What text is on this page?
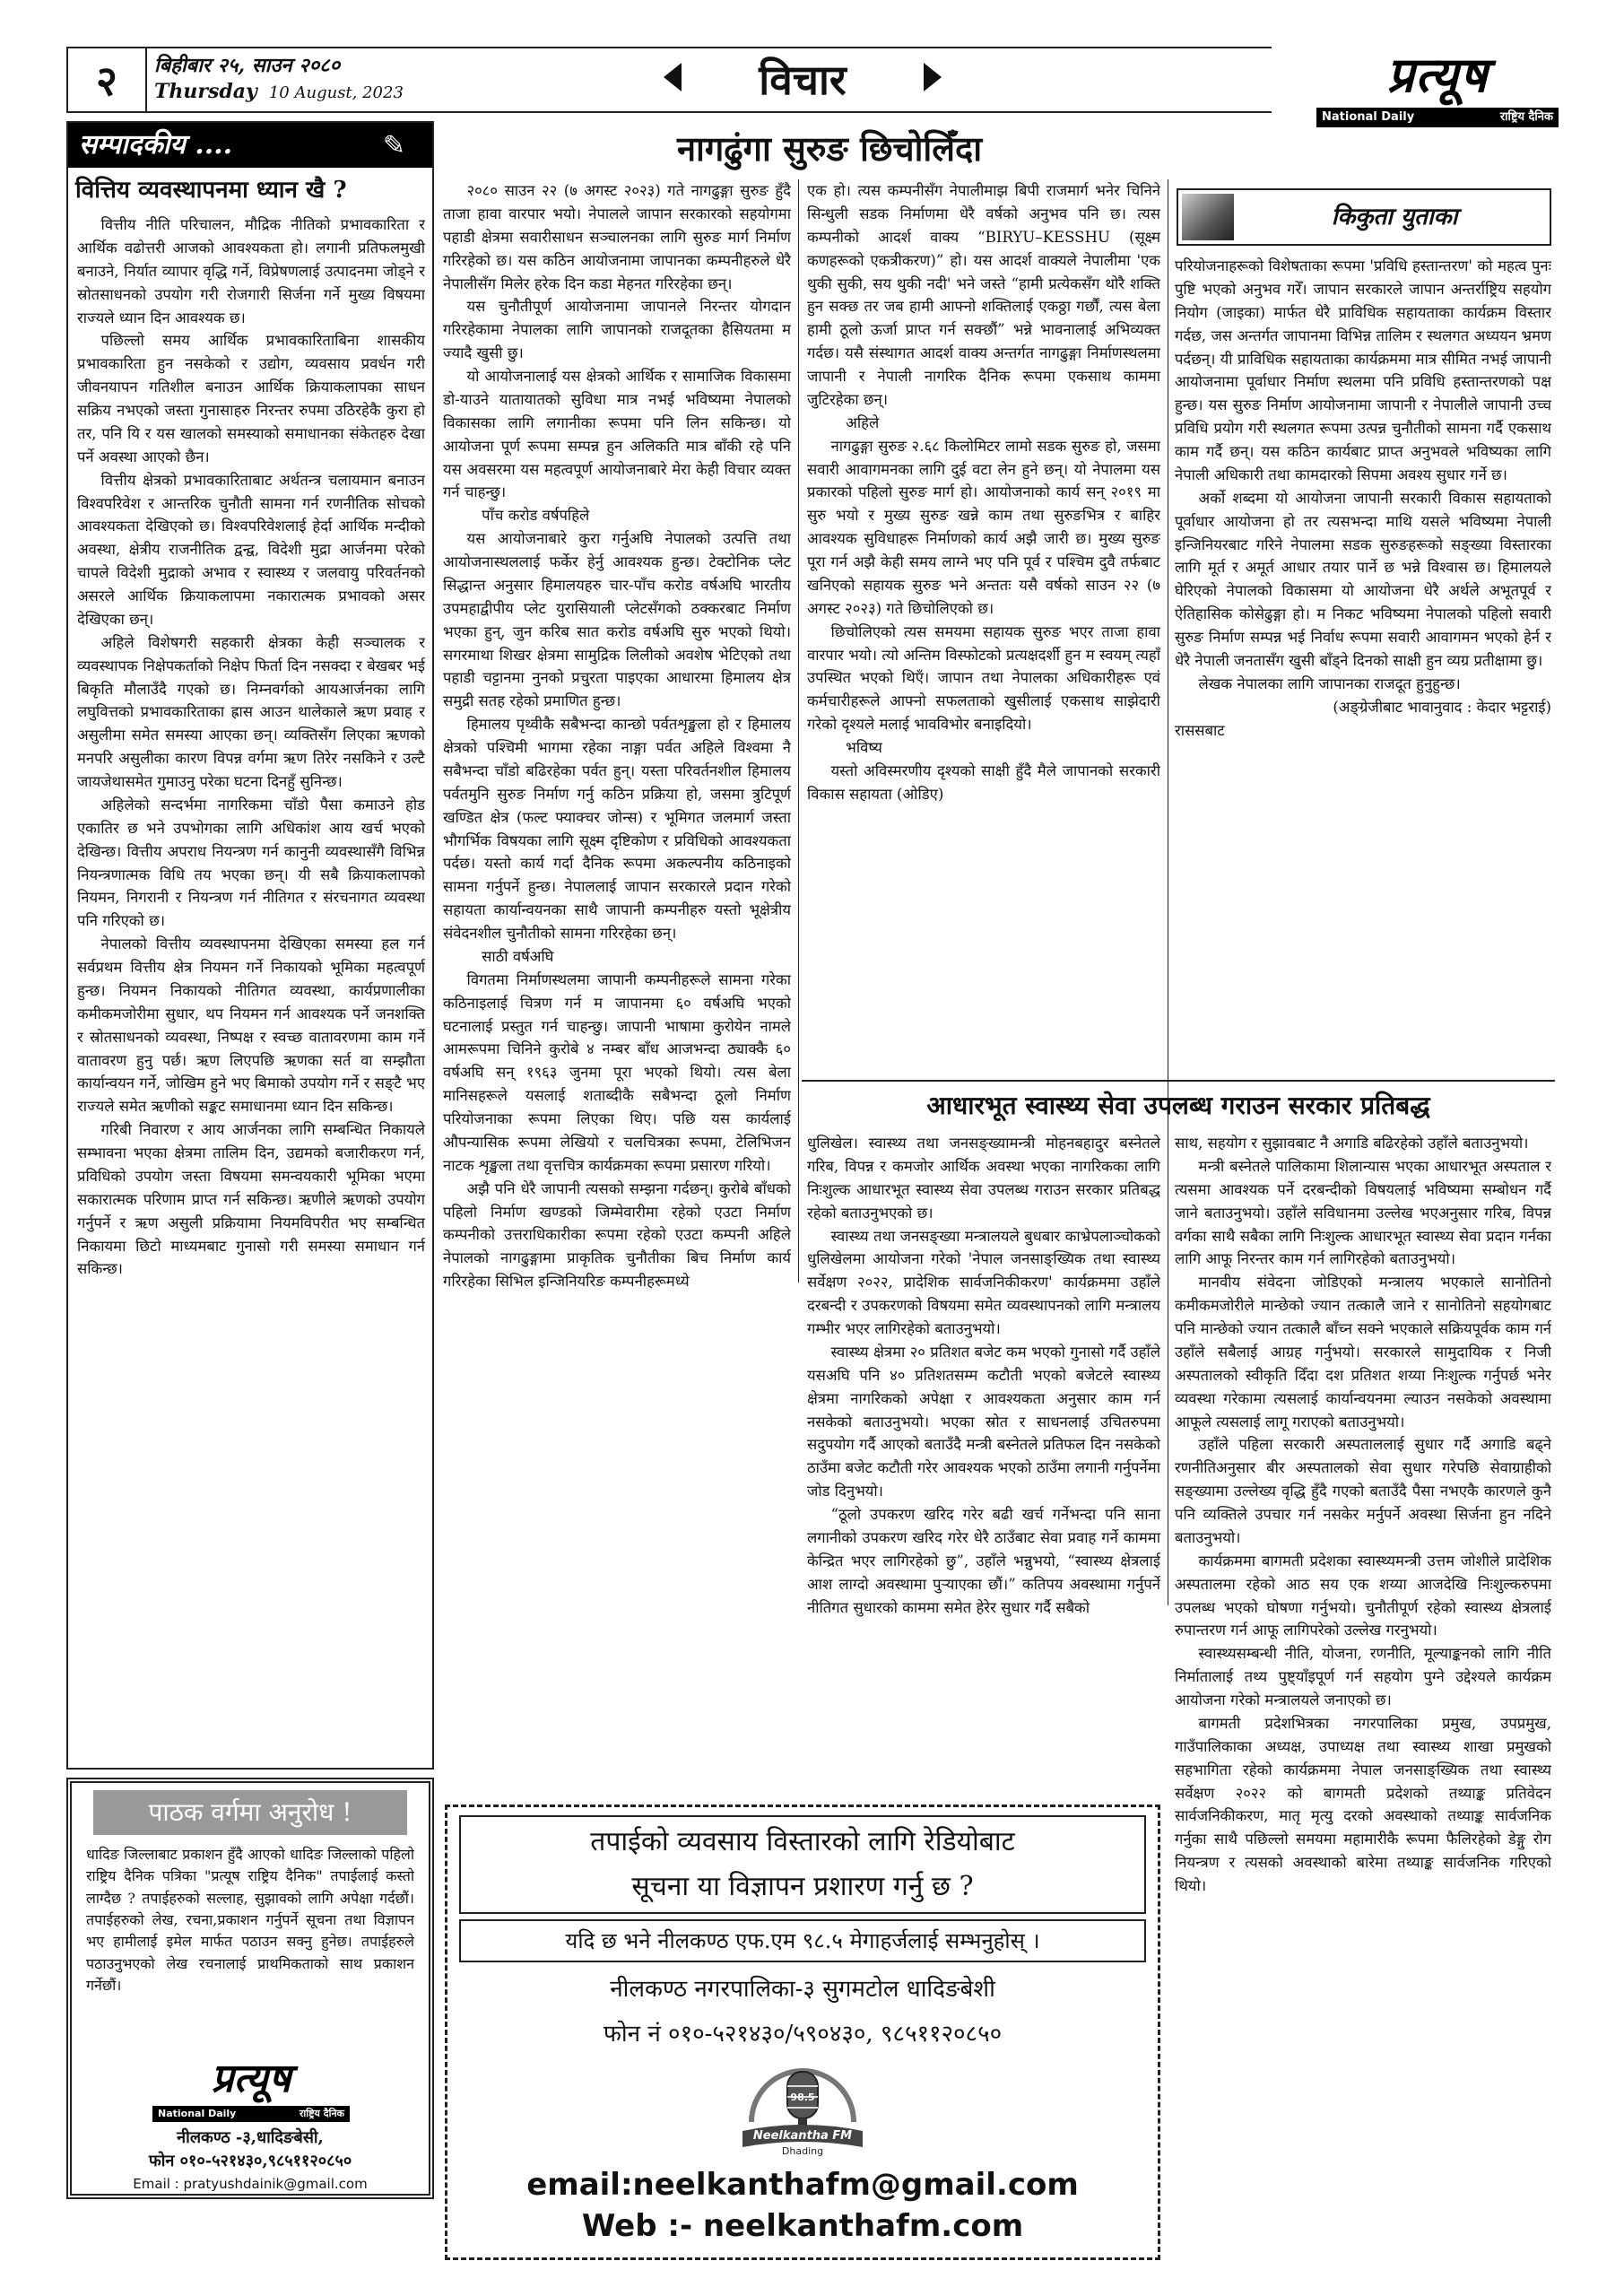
२ बिहीबार २५, साउन २०८०
Thursday 10 August, 2023	विचार	प्रत्यूष
National Daily	राष्ट्रिय दैनिक
सम्पादकीय ....	✎
वित्तिय व्यवस्थापनमा ध्यान खै ?

वित्तीय नीति परिचालन, मौद्रिक नीतिको प्रभावकारिता र आर्थिक वढोत्तरी आजको आवश्यकता हो। लगानी प्रतिफलमुखी बनाउने, निर्यात व्यापार वृद्धि गर्ने, विप्रेषणलाई उत्पादनमा जोड्ने र स्रोतसाधनको उपयोग गरी रोजगारी सिर्जना गर्ने मुख्य विषयमा राज्यले ध्यान दिन आवश्यक छ।

पछिल्लो समय आर्थिक प्रभावकारिताबिना शासकीय प्रभावकारिता हुन नसकेको र उद्योग, व्यवसाय प्रवर्धन गरी जीवनयापन गतिशील बनाउन आर्थिक क्रियाकलापका साधन सक्रिय नभएको जस्ता गुनासाहरु निरन्तर रुपमा उठिरहेकै कुरा हो तर, पनि यि र यस खालको समस्याको समाधानका संकेतहरु देखा पर्ने अवस्था आएको छैन।

वित्तीय क्षेत्रको प्रभावकारिताबाट अर्थतन्त्र चलायमान बनाउन विश्वपरिवेश र आन्तरिक चुनौती सामना गर्न रणनीतिक सोचको आवश्यकता देखिएको छ। विश्वपरिवेशलाई हेर्दा आर्थिक मन्दीको अवस्था, क्षेत्रीय राजनीतिक द्वन्द्व, विदेशी मुद्रा आर्जनमा परेको चापले विदेशी मुद्राको अभाव र स्वास्थ्य र जलवायु परिवर्तनको असरले आर्थिक क्रियाकलापमा नकारात्मक प्रभावको असर देखिएका छन्।

अहिले विशेषगरी सहकारी क्षेत्रका केही सञ्चालक र व्यवस्थापक निक्षेपकर्ताको निक्षेप फिर्ता दिन नसक्दा र बेखबर भई बिकृति मौलाउँदै गएको छ। निम्नवर्गको आयआर्जनका लागि लघुवित्तको प्रभावकारिताका ह्रास आउन थालेकाले ऋण प्रवाह र असुलीमा समेत समस्या आएका छन्। व्यक्तिसँग लिएका ऋणको मनपरि असुलीका कारण विपन्न वर्गमा ऋण तिरेर नसकिने र उल्टै जायजेथासमेत गुमाउनु परेका घटना दिनहुँ सुनिन्छ।

अहिलेको सन्दर्भमा नागरिकमा चाँडो पैसा कमाउने होड एकातिर छ भने उपभोगका लागि अधिकांश आय खर्च भएको देखिन्छ। वित्तीय अपराध नियन्त्रण गर्न कानुनी व्यवस्थासँगै विभिन्न नियन्त्रणात्मक विधि तय भएका छन्। यी सबै क्रियाकलापको नियमन, निगरानी र नियन्त्रण गर्न नीतिगत र संरचनागत व्यवस्था पनि गरिएको छ।

नेपालको वित्तीय व्यवस्थापनमा देखिएका समस्या हल गर्न सर्वप्रथम वित्तीय क्षेत्र नियमन गर्ने निकायको भूमिका महत्वपूर्ण हुन्छ। नियमन निकायको नीतिगत व्यवस्था, कार्यप्रणालीका कमीकमजोरीमा सुधार, थप नियमन गर्न आवश्यक पर्ने जनशक्ति र स्रोतसाधनको व्यवस्था, निष्पक्ष र स्वच्छ वातावरणमा काम गर्ने वातावरण हुनु पर्छ। ऋण लिएपछि ऋणका सर्त वा सम्झौता कार्यान्वयन गर्ने, जोखिम हुने भए बिमाको उपयोग गर्ने र सङ्टै भए राज्यले समेत ऋणीको सङ्कट समाधानमा ध्यान दिन सकिन्छ।

गरिबी निवारण र आय आर्जनका लागि सम्बन्धित निकायले सम्भावना भएका क्षेत्रमा तालिम दिन, उद्यमको बजारीकरण गर्न, प्रविधिको उपयोग जस्ता विषयमा समन्वयकारी भूमिका भएमा सकारात्मक परिणाम प्राप्त गर्न सकिन्छ। ऋणीले ऋणको उपयोग गर्नुपर्ने र ऋण असुली प्रक्रियामा नियमविपरीत भए सम्बन्धित निकायमा छिटो माध्यमबाट गुनासो गरी समस्या समाधान गर्न सकिन्छ।

पाठक वर्गमा अनुरोध !
धादिङ जिल्लाबाट प्रकाशन हुँदै आएको धादिङ जिल्लाको पहिलो राष्ट्रिय दैनिक पत्रिका "प्रत्यूष राष्ट्रिय दैनिक" तपाईलाई कस्तो लाग्दैछ ? तपाईहरुको सल्लाह, सुझावको लागि अपेक्षा गर्दछौं। तपाईहरुको लेख, रचना,प्रकाशन गर्नुपर्ने सूचना तथा विज्ञापन भए हामीलाई इमेल मार्फत पठाउन सक्नु हुनेछ। तपाईहरुले पठाउनुभएको लेख रचनालाई प्राथमिकताको साथ प्रकाशन गर्नेछौं।
प्रत्यूष
National Daily	राष्ट्रिय दैनिक
नीलकण्ठ -३,धादिङबेसी,
फोन ०१०-५२१४३०,९८५११२०८५०
Email : pratyushdainik@gmail.com
नागढुंगा सुरुङ छिचोलिँदा

२०८० साउन २२ (७ अगस्ट २०२३) गते नागढुङ्गा सुरुङ हुँदै ताजा हावा वारपार भयो। नेपालले जापान सरकारको सहयोगमा पहाडी क्षेत्रमा सवारीसाधन सञ्चालनका लागि सुरुङ मार्ग निर्माण गरिरहेको छ। यस कठिन आयोजनामा जापानका कम्पनीहरुले धेरै नेपालीसँग मिलेर हरेक दिन कडा मेहनत गरिरहेका छन्।

यस चुनौतीपूर्ण आयोजनामा जापानले निरन्तर योगदान गरिरहेकामा नेपालका लागि जापानको राजदूतका हैसियतमा म ज्यादै खुसी छु।

यो आयोजनालाई यस क्षेत्रको आर्थिक र सामाजिक विकासमा डो-याउने यातायातको सुविधा मात्र नभई भविष्यमा नेपालको विकासका लागि लगानीका रूपमा पनि लिन सकिन्छ। यो आयोजना पूर्ण रूपमा सम्पन्न हुन अलिकति मात्र बाँकी रहे पनि यस अवसरमा यस महत्वपूर्ण आयोजनाबारे मेरा केही विचार व्यक्त गर्न चाहन्छु।

पाँच करोड वर्षपहिले

यस आयोजनाबारे कुरा गर्नुअघि नेपालको उत्पत्ति तथा आयोजनास्थललाई फर्केर हेर्नु आवश्यक हुन्छ। टेक्टोनिक प्लेट सिद्धान्त अनुसार हिमालयहरु चार-पाँच करोड वर्षअघि भारतीय उपमहाद्वीपीय प्लेट युरासियाली प्लेटसँगको ठक्करबाट निर्माण भएका हुन्, जुन करिब सात करोड वर्षअघि सुरु भएको थियो। सगरमाथा शिखर क्षेत्रमा सामुद्रिक लिलीको अवशेष भेटिएको तथा पहाडी चट्टानमा नुनको प्रचुरता पाइएका आधारमा हिमालय क्षेत्र समुद्री सतह रहेको प्रमाणित हुन्छ।

हिमालय पृथ्वीकै सबैभन्दा कान्छो पर्वतशृङ्खला हो र हिमालय क्षेत्रको पश्चिमी भागमा रहेका नाङ्गा पर्वत अहिले विश्वमा नै सबैभन्दा चाँडो बढिरहेका पर्वत हुन्। यस्ता परिवर्तनशील हिमालय पर्वतमुनि सुरुङ निर्माण गर्नु कठिन प्रक्रिया हो, जसमा त्रुटिपूर्ण खण्डित क्षेत्र (फल्ट फ्याक्चर जोन्स) र भूमिगत जलमार्ग जस्ता भौगर्भिक विषयका लागि सूक्ष्म दृष्टिकोण र प्रविधिको आवश्यकता पर्दछ। यस्तो कार्य गर्दा दैनिक रूपमा अकल्पनीय कठिनाइको सामना गर्नुपर्ने हुन्छ। नेपाललाई जापान सरकारले प्रदान गरेको सहायता कार्यान्वयनका साथै जापानी कम्पनीहरु यस्तो भूक्षेत्रीय संवेदनशील चुनौतीको सामना गरिरहेका छन्।

साठी वर्षअघि

विगतमा निर्माणस्थलमा जापानी कम्पनीहरूले सामना गरेका कठिनाइलाई चित्रण गर्न म जापानमा ६० वर्षअघि भएको घटनालाई प्रस्तुत गर्न चाहन्छु। जापानी भाषामा कुरोयेन नामले आमरूपमा चिनिने कुरोबे ४ नम्बर बाँध आजभन्दा ठ्याक्कै ६० वर्षअघि सन् १९६३ जुनमा पूरा भएको थियो। त्यस बेला मानिसहरूले यसलाई शताब्दीकै सबैभन्दा ठूलो निर्माण परियोजनाका रूपमा लिएका थिए। पछि यस कार्यलाई औपन्यासिक रूपमा लेखियो र चलचित्रका रूपमा, टेलिभिजन नाटक शृङ्खला तथा वृत्तचित्र कार्यक्रमका रूपमा प्रसारण गरियो।

अझै पनि धेरै जापानी त्यसको सम्झना गर्दछन्। कुरोबे बाँधको पहिलो निर्माण खण्डको जिम्मेवारीमा रहेको एउटा निर्माण कम्पनीको उत्तराधिकारीका रूपमा रहेको एउटा कम्पनी अहिले नेपालको नागढुङ्गामा प्राकृतिक चुनौतीका बिच निर्माण कार्य गरिरहेका सिभिल इन्जिनियरिङ कम्पनीहरूमध्ये

एक हो। त्यस कम्पनीसँग नेपालीमाझ बिपी राजमार्ग भनेर चिनिने सिन्धुली सडक निर्माणमा धेरै वर्षको अनुभव पनि छ। त्यस कम्पनीको आदर्श वाक्य “BIRYU–KESSHU (सूक्ष्म कणहरूको एकत्रीकरण)” हो। यस आदर्श वाक्यले नेपालीमा 'एक थुकी सुकी, सय थुकी नदी' भने जस्ते “हामी प्रत्येकसँग थोरै शक्ति हुन सक्छ तर जब हामी आफ्नो शक्तिलाई एकठ्ठा गर्छौं, त्यस बेला हामी ठूलो ऊर्जा प्राप्त गर्न सक्छौं” भन्ने भावनालाई अभिव्यक्त गर्दछ। यसै संस्थागत आदर्श वाक्य अन्तर्गत नागढुङ्गा निर्माणस्थलमा जापानी र नेपाली नागरिक दैनिक रूपमा एकसाथ काममा जुटिरहेका छन्।

अहिले

नागढुङ्गा सुरुङ २.६८ किलोमिटर लामो सडक सुरुङ हो, जसमा सवारी आवागमनका लागि दुई वटा लेन हुने छन्। यो नेपालमा यस प्रकारको पहिलो सुरुङ मार्ग हो। आयोजनाको कार्य सन् २०१९ मा सुरु भयो र मुख्य सुरुङ खन्ने काम तथा सुरुङभित्र र बाहिर आवश्यक सुविधाहरू निर्माणको कार्य अझै जारी छ। मुख्य सुरुङ पूरा गर्न अझै केही समय लाग्ने भए पनि पूर्व र पश्चिम दुवै तर्फबाट खनिएको सहायक सुरुङ भने अन्ततः यसै वर्षको साउन २२ (७ अगस्ट २०२३) गते छिचोलिएको छ।

छिचोलिएको त्यस समयमा सहायक सुरुङ भएर ताजा हावा वारपार भयो। त्यो अन्तिम विस्फोटको प्रत्यक्षदर्शी हुन म स्वयम् त्यहाँ उपस्थित भएको थिएँ। जापान तथा नेपालका अधिकारीहरू एवं कर्मचारीहरूले आफ्नो सफलताको खुसीलाई एकसाथ साझेदारी गरेको दृश्यले मलाई भावविभोर बनाइदियो।

भविष्य

यस्तो अविस्मरणीय दृश्यको साक्षी हुँदै मैले जापानको सरकारी विकास सहायता (ओडिए)

किकुता युताका

परियोजनाहरूको विशेषताका रूपमा 'प्रविधि हस्तान्तरण' को महत्व पुनः पुष्टि भएको अनुभव गरेँ। जापान सरकारले जापान अन्तर्राष्ट्रिय सहयोग नियोग (जाइका) मार्फत धेरै प्राविधिक सहायताका कार्यक्रम विस्तार गर्दछ, जस अन्तर्गत जापानमा विभिन्न तालिम र स्थलगत अध्ययन भ्रमण पर्दछन्। यी प्राविधिक सहायताका कार्यक्रममा मात्र सीमित नभई जापानी आयोजनामा पूर्वाधार निर्माण स्थलमा पनि प्रविधि हस्तान्तरणको पक्ष हुन्छ। यस सुरुङ निर्माण आयोजनामा जापानी र नेपालीले जापानी उच्च प्रविधि प्रयोग गरी स्थलगत रूपमा उत्पन्न चुनौतीको सामना गर्दै एकसाथ काम गर्दै छन्। यस कठिन कार्यबाट प्राप्त अनुभवले भविष्यका लागि नेपाली अधिकारी तथा कामदारको सिपमा अवश्य सुधार गर्ने छ।

अर्को शब्दमा यो आयोजना जापानी सरकारी विकास सहायताको पूर्वाधार आयोजना हो तर त्यसभन्दा माथि यसले भविष्यमा नेपाली इन्जिनियरबाट गरिने नेपालमा सडक सुरुङहरूको सङ्ख्या विस्तारका लागि मूर्त र अमूर्त आधार तयार पार्ने छ भन्ने विश्वास छ। हिमालयले घेरिएको नेपालको विकासमा यो आयोजना धेरै अर्थले अभूतपूर्व र ऐतिहासिक कोसेढुङ्गा हो। म निकट भविष्यमा नेपालको पहिलो सवारी सुरुङ निर्माण सम्पन्न भई निर्वाध रूपमा सवारी आवागमन भएको हेर्न र धेरै नेपाली जनतासँग खुसी बाँड्ने दिनको साक्षी हुन व्यग्र प्रतीक्षामा छु।

लेखक नेपालका लागि जापानका राजदूत हुनुहुन्छ।

(अङ्ग्रेजीबाट भावानुवाद : केदार भट्टराई)

राससबाट

आधारभूत स्वास्थ्य सेवा उपलब्ध गराउन सरकार प्रतिबद्ध

धुलिखेल। स्वास्थ्य तथा जनसङ्ख्यामन्त्री मोहनबहादुर बस्नेतले गरिब, विपन्न र कमजोर आर्थिक अवस्था भएका नागरिकका लागि निःशुल्क आधारभूत स्वास्थ्य सेवा उपलब्ध गराउन सरकार प्रतिबद्ध रहेको बताउनुभएको छ।

स्वास्थ्य तथा जनसङ्ख्या मन्त्रालयले बुधबार काभ्रेपलाञ्चोकको धुलिखेलमा आयोजना गरेको 'नेपाल जनसाङ्ख्यिक तथा स्वास्थ्य सर्वेक्षण २०२२, प्रादेशिक सार्वजनिकीकरण' कार्यक्रममा उहाँले दरबन्दी र उपकरणको विषयमा समेत व्यवस्थापनको लागि मन्त्रालय गम्भीर भएर लागिरहेको बताउनुभयो।

स्वास्थ्य क्षेत्रमा २० प्रतिशत बजेट कम भएको गुनासो गर्दै उहाँले यसअघि पनि ४० प्रतिशतसम्म कटौती भएको बजेटले स्वास्थ्य क्षेत्रमा नागरिकको अपेक्षा र आवश्यकता अनुसार काम गर्न नसकेको बताउनुभयो। भएका स्रोत र साधनलाई उचितरुपमा सदुपयोग गर्दै आएको बताउँदै मन्त्री बस्नेतले प्रतिफल दिन नसकेको ठाउँमा बजेट कटौती गरेर आवश्यक भएको ठाउँमा लगानी गर्नुपर्नेमा जोड दिनुभयो।

“ठूलो उपकरण खरिद गरेर बढी खर्च गर्नेभन्दा पनि साना लगानीको उपकरण खरिद गरेर धेरै ठाउँबाट सेवा प्रवाह गर्ने काममा केन्द्रित भएर लागिरहेको छु”, उहाँले भन्नुभयो, “स्वास्थ्य क्षेत्रलाई आश लाग्दो अवस्थामा पुऱ्याएका छौं।” कतिपय अवस्थामा गर्नुपर्ने नीतिगत सुधारको काममा समेत हेरेर सुधार गर्दै सबैको

साथ, सहयोग र सुझावबाट नै अगाडि बढिरहेको उहाँले बताउनुभयो।

मन्त्री बस्नेतले पालिकामा शिलान्यास भएका आधारभूत अस्पताल र त्यसमा आवश्यक पर्ने दरबन्दीको विषयलाई भविष्यमा सम्बोधन गर्दै जाने बताउनुभयो। उहाँले सविधानमा उल्लेख भएअनुसार गरिब, विपन्न वर्गका साथै सबैका लागि निःशुल्क आधारभूत स्वास्थ्य सेवा प्रदान गर्नका लागि आफू निरन्तर काम गर्न लागिरहेको बताउनुभयो।

मानवीय संवेदना जोडिएको मन्त्रालय भएकाले सानोतिनो कमीकमजोरीले मान्छेको ज्यान तत्कालै जाने र सानोतिनो सहयोगबाट पनि मान्छेको ज्यान तत्कालै बाँच्न सक्ने भएकाले सक्रियपूर्वक काम गर्न उहाँले सबैलाई आग्रह गर्नुभयो। सरकारले सामुदायिक र निजी अस्पतालको स्वीकृति दिँदा दश प्रतिशत शय्या निःशुल्क गर्नुपर्छ भनेर व्यवस्था गरेकामा त्यसलाई कार्यान्वयनमा ल्याउन नसकेको अवस्थामा आफूले त्यसलाई लागू गराएको बताउनुभयो।

उहाँले पहिला सरकारी अस्पताललाई सुधार गर्दै अगाडि बढ्ने रणनीतिअनुसार बीर अस्पतालको सेवा सुधार गरेपछि सेवाग्राहीको सङ्ख्यामा उल्लेख्य वृद्धि हुँदै गएको बताउँदै पैसा नभएकै कारणले कुनै पनि व्यक्तिले उपचार गर्न नसकेर मर्नुपर्ने अवस्था सिर्जना हुन नदिने बताउनुभयो।

कार्यक्रममा बागमती प्रदेशका स्वास्थ्यमन्त्री उत्तम जोशीले प्रादेशिक अस्पतालमा रहेको आठ सय एक शय्या आजदेखि निःशुल्करुपमा उपलब्ध भएको घोषणा गर्नुभयो। चुनौतीपूर्ण रहेको स्वास्थ्य क्षेत्रलाई रुपान्तरण गर्न आफू लागिपरेको उल्लेख गरनुभयो।

स्वास्थ्यसम्बन्धी नीति, योजना, रणनीति, मूल्याङ्कनको लागि नीति निर्मातालाई तथ्य पुष्ट्याँइपूर्ण गर्न सहयोग पुग्ने उद्देश्यले कार्यक्रम आयोजना गरेको मन्त्रालयले जनाएको छ।

बागमती प्रदेशभित्रका नगरपालिका प्रमुख, उपप्रमुख, गाउँपालिकाका अध्यक्ष, उपाध्यक्ष तथा स्वास्थ्य शाखा प्रमुखको सहभागिता रहेको कार्यक्रममा नेपाल जनसाङ्ख्यिक तथा स्वास्थ्य सर्वेक्षण २०२२ को बागमती प्रदेशको तथ्याङ्क प्रतिवेदन सार्वजनिकीकरण, मातृ मृत्यु दरको अवस्थाको तथ्याङ्क सार्वजनिक गर्नुका साथै पछिल्लो समयमा महामारीकै रूपमा फैलिरहेको डेङ्गु रोग नियन्त्रण र त्यसको अवस्थाको बारेमा तथ्याङ्क सार्वजनिक गरिएको थियो।

तपाईको व्यवसाय विस्तारको लागि रेडियोबाट
सूचना या विज्ञापन प्रशारण गर्नु छ ?
यदि छ भने नीलकण्ठ एफ.एम ९८.५ मेगाहर्जलाई सम्भनुहोस् ।
नीलकण्ठ नगरपालिका-३ सुगमटोल धादिङबेशी
फोन नं ०१०-५२१४३०/५९०४३०, ९८५११२०८५०
98.5
Neelkantha FM
Dhading
email:neelkanthafm@gmail.com
Web :- neelkanthafm.com
